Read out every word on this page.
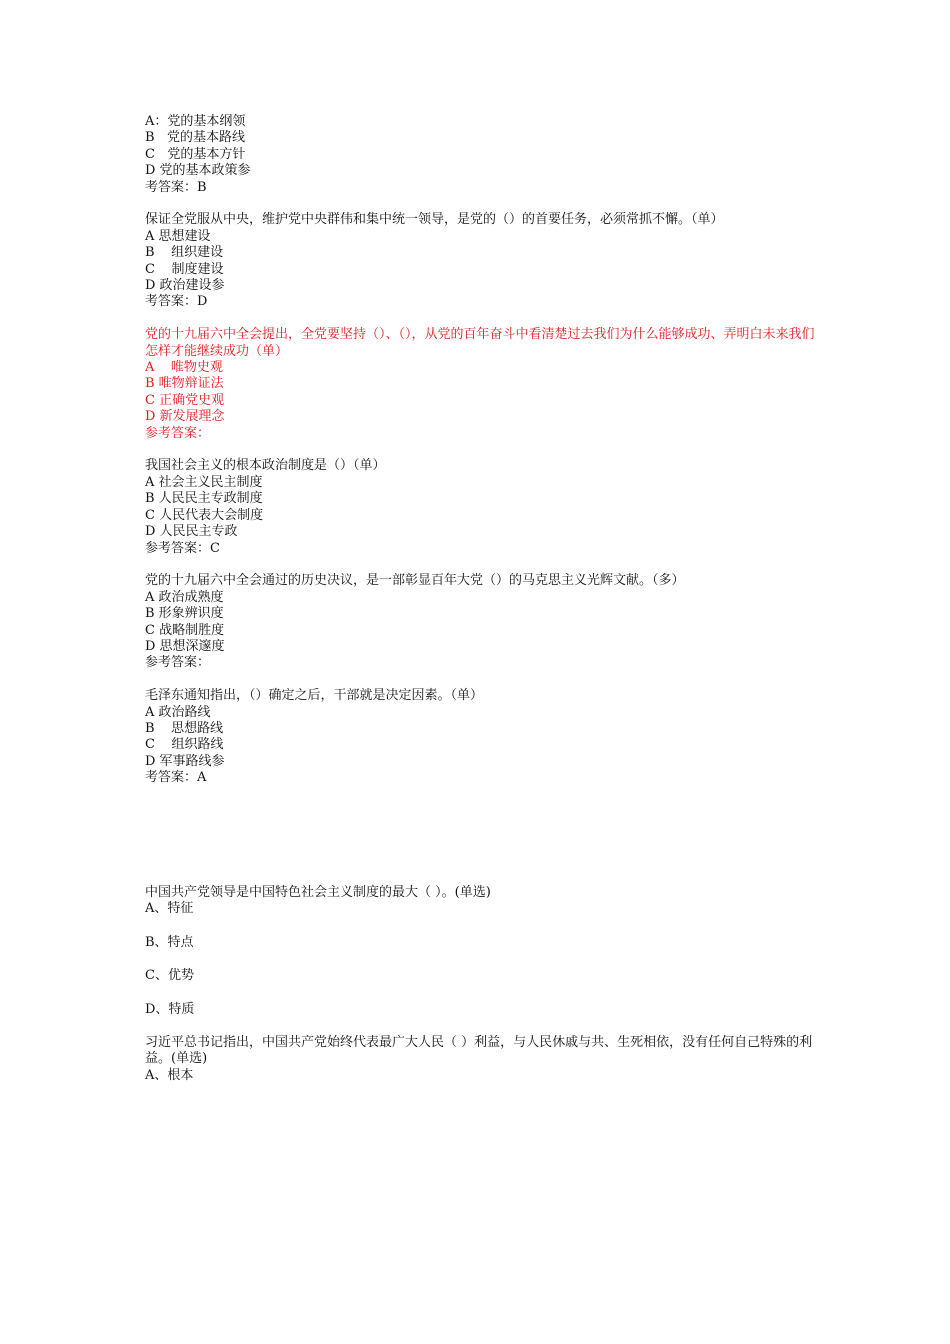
A：党的基本纲领
B   党的基本路线
C   党的基本方针
D 党的基本政策参
考答案：B
保证全党服从中央，维护党中央群伟和集中统一领导，是党的（）的首要任务，必须常抓不懈。（单）
A 思想建设
B    组织建设
C    制度建设
D 政治建设参
考答案：D
党的十九届六中全会提出，全党要坚持（）、（），从党的百年奋斗中看清楚过去我们为什么能够成功、弄明白未来我们怎样才能继续成功（单）
A    唯物史观
B 唯物辩证法
C 正确党史观
D 新发展理念
参考答案：
我国社会主义的根本政治制度是（）（单）
A 社会主义民主制度
B 人民民主专政制度
C 人民代表大会制度
D 人民民主专政
参考答案：C
党的十九届六中全会通过的历史决议，是一部彰显百年大党（）的马克思主义光辉文献。（多）
A 政治成熟度
B 形象辨识度
C 战略制胜度
D 思想深邃度
参考答案：
毛泽东通知指出，（）确定之后，干部就是决定因素。（单）
A 政治路线
B    思想路线
C    组织路线
D 军事路线参
考答案：A
中国共产党领导是中国特色社会主义制度的最大（ ）。(单选)
A、特征
B、特点
C、优势
D、特质
习近平总书记指出，中国共产党始终代表最广大人民（ ）利益，与人民休戚与共、生死相依，没有任何自己特殊的利益。(单选)
A、根本
